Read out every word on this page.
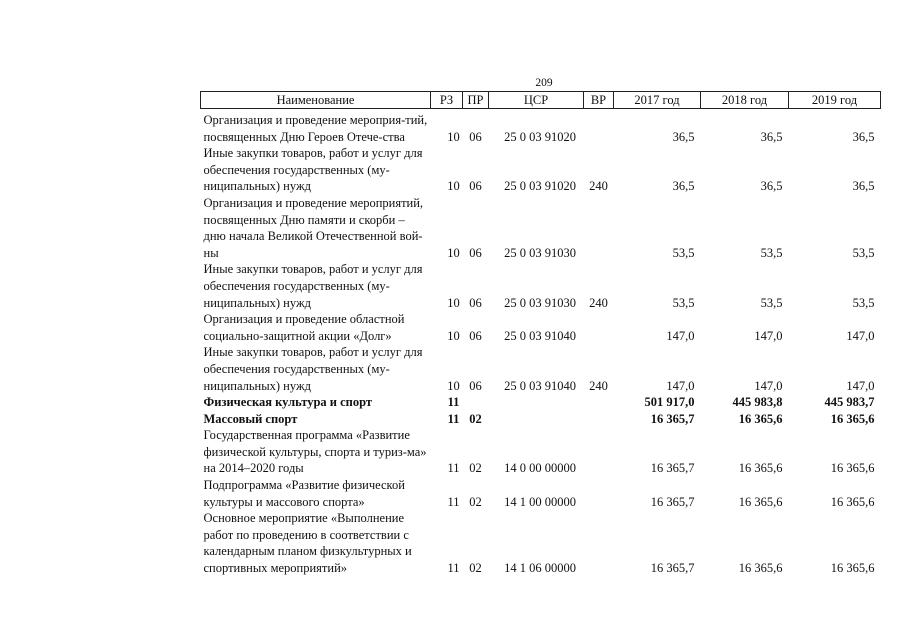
209
Наименование	РЗ	ПР	ЦСР	ВР	2017 год	2018 год	2019 год
Организация и проведение мероприя-тий, посвященных Дню Героев Отече-ства	10	06	25 0 03 91020		36,5	36,5	36,5
Иные закупки товаров, работ и услуг для обеспечения государственных (му-ниципальных) нужд	10	06	25 0 03 91020	240	36,5	36,5	36,5
Организация и проведение мероприятий, посвященных Дню памяти и скорби – дню начала Великой Отечественной вой-ны	10	06	25 0 03 91030		53,5	53,5	53,5
Иные закупки товаров, работ и услуг для обеспечения государственных (му-ниципальных) нужд	10	06	25 0 03 91030	240	53,5	53,5	53,5
Организация и проведение областной социально-защитной акции «Долг»	10	06	25 0 03 91040		147,0	147,0	147,0
Иные закупки товаров, работ и услуг для обеспечения государственных (му-ниципальных) нужд	10	06	25 0 03 91040	240	147,0	147,0	147,0
Физическая культура и спорт	11				501 917,0	445 983,8	445 983,7
Массовый спорт	11	02			16 365,7	16 365,6	16 365,6
Государственная программа «Развитие физической культуры, спорта и туриз-ма» на 2014–2020 годы	11	02	14 0 00 00000		16 365,7	16 365,6	16 365,6
Подпрограмма «Развитие физической культуры и массового спорта»	11	02	14 1 00 00000		16 365,7	16 365,6	16 365,6
Основное мероприятие «Выполнение работ по проведению в соответствии с календарным планом физкультурных и спортивных мероприятий»	11	02	14 1 06 00000		16 365,7	16 365,6	16 365,6
